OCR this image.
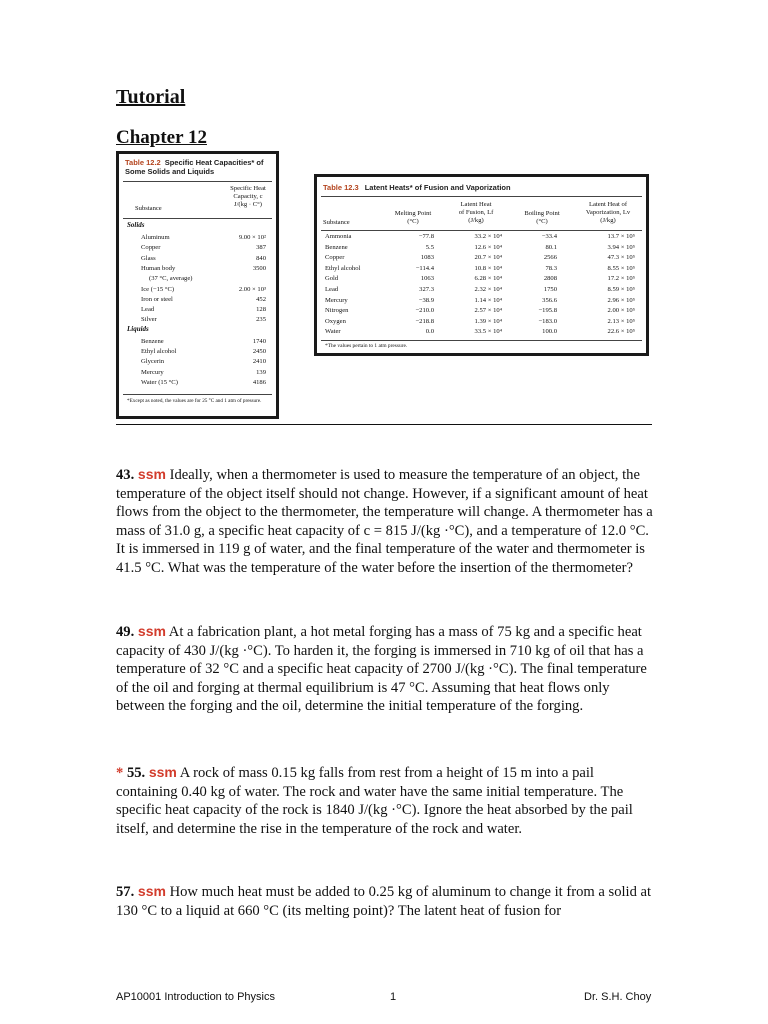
Tutorial
Chapter 12
Table 12.2 Specific Heat Capacities* of Some Solids and Liquids
Specific Heat
Capacity, c
J/(kg · C°)
Substance
Solids
Aluminum	9.00 × 10²
Copper	387
Glass	840
Human body	3500
(37 °C, average)
Ice (−15 °C)	2.00 × 10³
Iron or steel	452
Lead	128
Silver	235
Liquids
Benzene	1740
Ethyl alcohol	2450
Glycerin	2410
Mercury	139
Water (15 °C)	4186
*Except as noted, the values are for 25 °C and 1 atm of pressure.
Table 12.3 Latent Heats* of Fusion and Vaporization
Substance
Melting Point
(°C)
Latent Heat
of Fusion, Lf
(J/kg)
Boiling Point
(°C)
Latent Heat of
Vaporization, Lv
(J/kg)
Ammonia	−77.8	33.2 × 10⁴	−33.4	13.7 × 10⁵
Benzene	5.5	12.6 × 10⁴	80.1	3.94 × 10⁵
Copper	1083	20.7 × 10⁴	2566	47.3 × 10⁵
Ethyl alcohol	−114.4	10.8 × 10⁴	78.3	8.55 × 10⁵
Gold	1063	6.28 × 10⁴	2808	17.2 × 10⁵
Lead	327.3	2.32 × 10⁴	1750	8.59 × 10⁵
Mercury	−38.9	1.14 × 10⁴	356.6	2.96 × 10⁵
Nitrogen	−210.0	2.57 × 10⁴	−195.8	2.00 × 10⁵
Oxygen	−218.8	1.39 × 10⁴	−183.0	2.13 × 10⁵
Water	0.0	33.5 × 10⁴	100.0	22.6 × 10⁵
*The values pertain to 1 atm pressure.
43. ssm Ideally, when a thermometer is used to measure the temperature of an object, the temperature of the object itself should not change. However, if a significant amount of heat flows from the object to the thermometer, the temperature will change. A thermometer has a mass of 31.0 g, a specific heat capacity of c = 815 J/(kg ·°C), and a temperature of 12.0 °C. It is immersed in 119 g of water, and the final temperature of the water and thermometer is 41.5 °C. What was the temperature of the water before the insertion of the thermometer?
49. ssm At a fabrication plant, a hot metal forging has a mass of 75 kg and a specific heat capacity of 430 J/(kg ·°C). To harden it, the forging is immersed in 710 kg of oil that has a temperature of 32 °C and a specific heat capacity of 2700 J/(kg ·°C). The final temperature of the oil and forging at thermal equilibrium is 47 °C. Assuming that heat flows only between the forging and the oil, determine the initial temperature of the forging.
* 55. ssm A rock of mass 0.15 kg falls from rest from a height of 15 m into a pail containing 0.40 kg of water. The rock and water have the same initial temperature. The specific heat capacity of the rock is 1840 J/(kg ·°C). Ignore the heat absorbed by the pail itself, and determine the rise in the temperature of the rock and water.
57. ssm How much heat must be added to 0.25 kg of aluminum to change it from a solid at 130 °C to a liquid at 660 °C (its melting point)? The latent heat of fusion for
AP10001 Introduction to Physics	1	Dr. S.H. Choy
